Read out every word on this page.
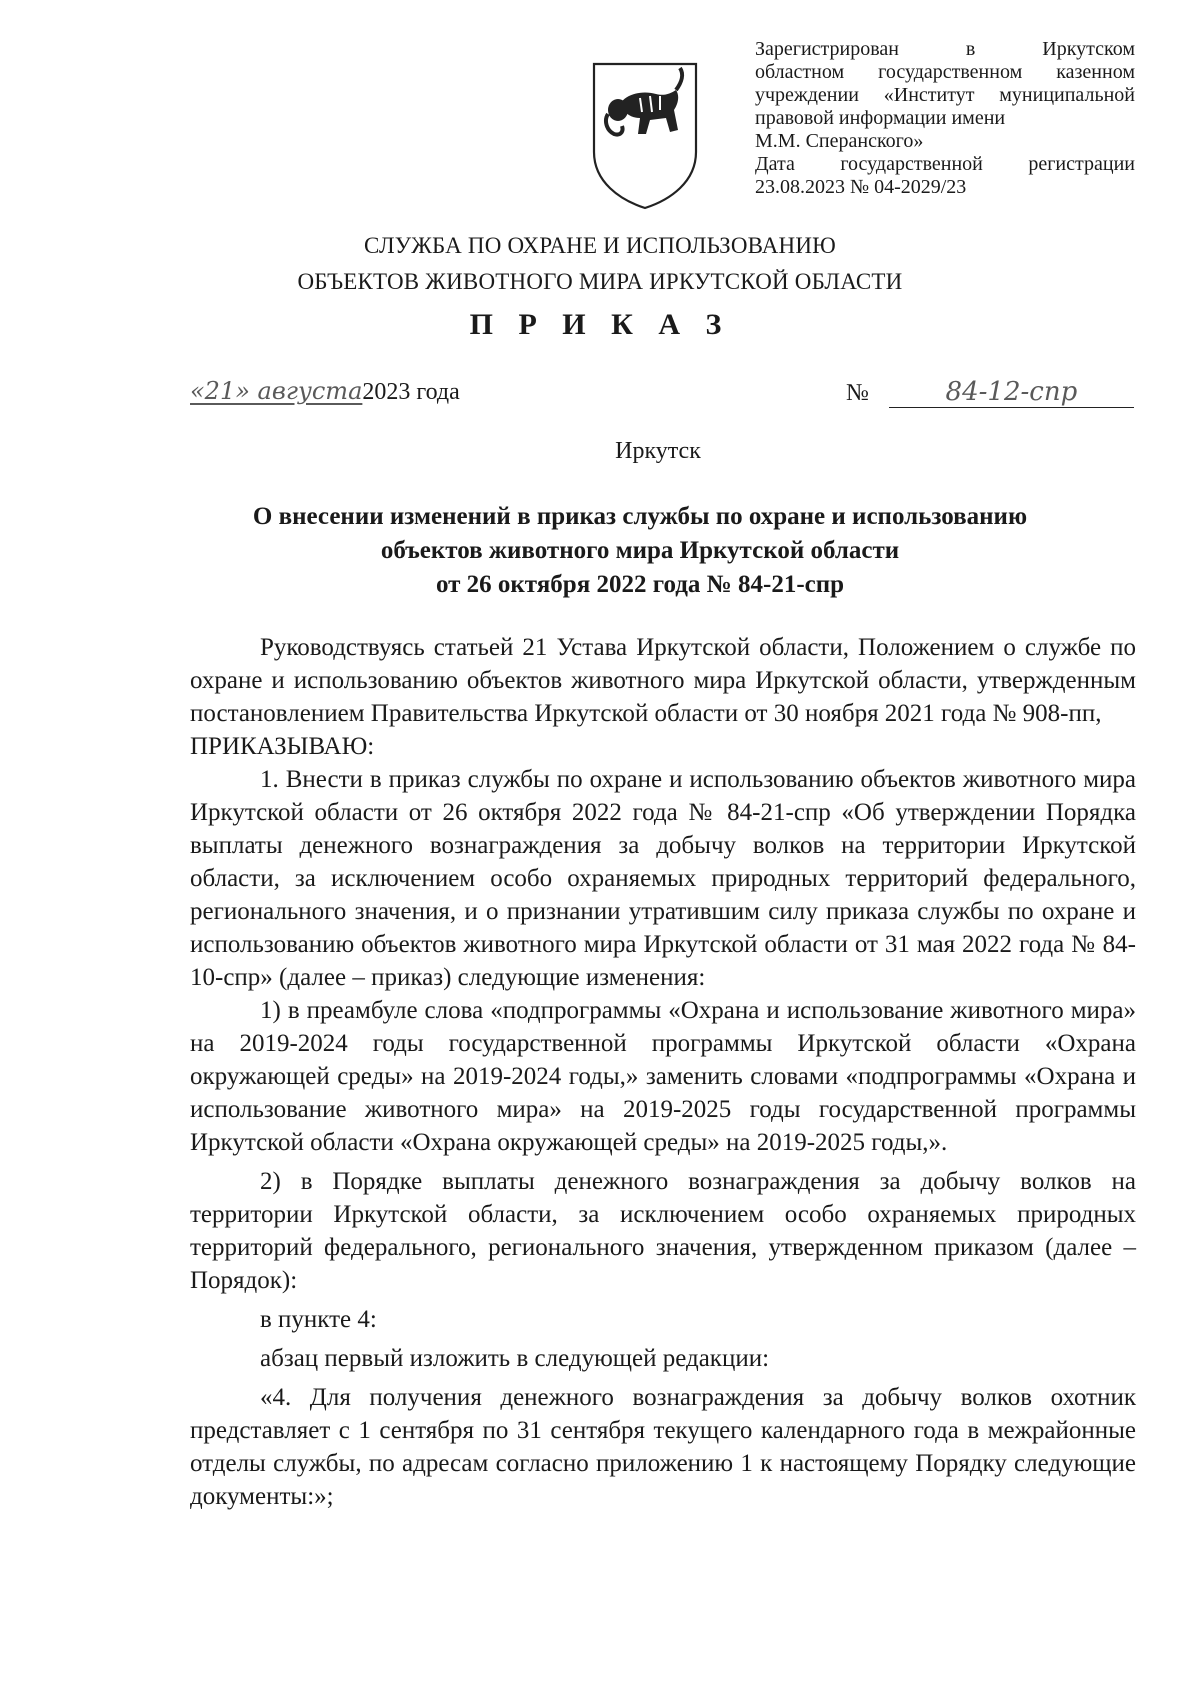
Зарегистрирован в Иркутском
областном государственном казенном
учреждении «Институт муниципальной
правовой информации имени
М.М. Сперанского»
Дата государственной регистрации
23.08.2023 № 04-2029/23
СЛУЖБА ПО ОХРАНЕ И ИСПОЛЬЗОВАНИЮ
ОБЪЕКТОВ ЖИВОТНОГО МИРА ИРКУТСКОЙ ОБЛАСТИ
П Р И К А З
«21» августа2023 года	№	84-12-спр
Иркутск
О внесении изменений в приказ службы по охране и использованию
объектов животного мира Иркутской области
от 26 октября 2022 года № 84-21-спр

Руководствуясь статьей 21 Устава Иркутской области, Положением о службе по охране и использованию объектов животного мира Иркутской области, утвержденным постановлением Правительства Иркутской области от 30 ноября 2021 года № 908-пп,

ПРИКАЗЫВАЮ:

1. Внести в приказ службы по охране и использованию объектов животного мира Иркутской области от 26 октября 2022 года № 84-21-спр «Об утверждении Порядка выплаты денежного вознаграждения за добычу волков на территории Иркутской области, за исключением особо охраняемых природных территорий федерального, регионального значения, и о признании утратившим силу приказа службы по охране и использованию объектов животного мира Иркутской области от 31 мая 2022 года № 84-10-спр» (далее – приказ) следующие изменения:

1) в преамбуле слова «подпрограммы «Охрана и использование животного мира» на 2019-2024 годы государственной программы Иркутской области «Охрана окружающей среды» на 2019-2024 годы,» заменить словами «подпрограммы «Охрана и использование животного мира» на 2019-2025 годы государственной программы Иркутской области «Охрана окружающей среды» на 2019-2025 годы,».

2) в Порядке выплаты денежного вознаграждения за добычу волков на территории Иркутской области, за исключением особо охраняемых природных территорий федерального, регионального значения, утвержденном приказом (далее – Порядок):

в пункте 4:

абзац первый изложить в следующей редакции:

«4. Для получения денежного вознаграждения за добычу волков охотник представляет с 1 сентября по 31 сентября текущего календарного года в межрайонные отделы службы, по адресам согласно приложению 1 к настоящему Порядку следующие документы:»;
